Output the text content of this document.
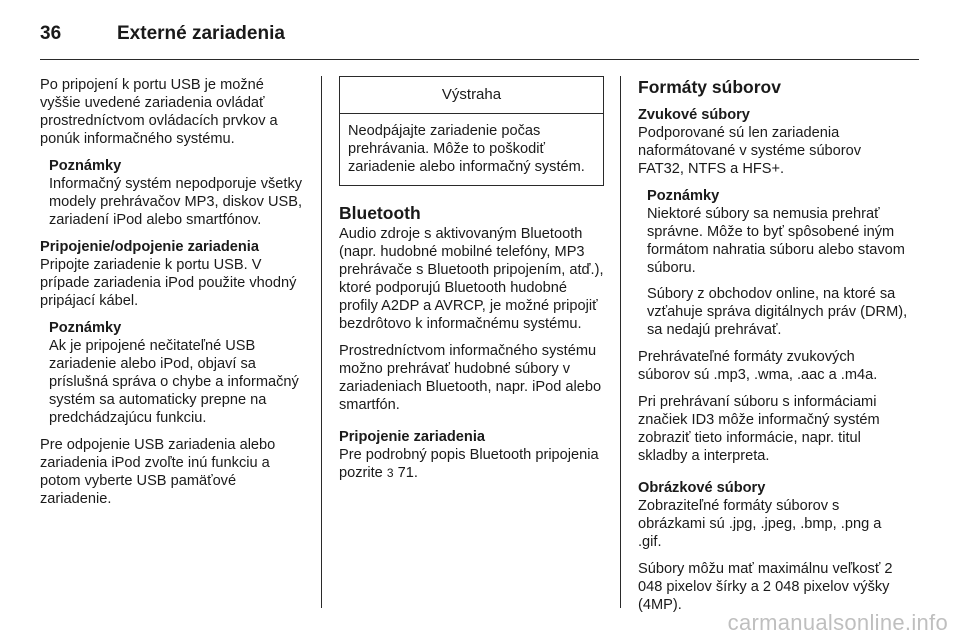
36	Externé zariadenia

Po pripojení k portu USB je možné vyššie uvedené zariadenia ovládať prostredníctvom ovládacích prvkov a ponúk informačného systému.

Poznámky
Informačný systém nepodporuje všetky modely prehrávačov MP3, diskov USB, zariadení iPod alebo smartfónov.
Pripojenie/odpojenie zariadenia

Pripojte zariadenie k portu USB. V prípade zariadenia iPod použite vhodný pripájací kábel.

Poznámky
Ak je pripojené nečitateľné USB zariadenie alebo iPod, objaví sa príslušná správa o chybe a informačný systém sa automaticky prepne na predchádzajúcu funkciu.

Pre odpojenie USB zariadenia alebo zariadenia iPod zvoľte inú funkciu a potom vyberte USB pamäťové zariadenie.

Výstraha
Neodpájajte zariadenie počas prehrávania. Môže to poškodiť zariadenie alebo informačný systém.
Bluetooth

Audio zdroje s aktivovaným Bluetooth (napr. hudobné mobilné telefóny, MP3 prehrávače s Bluetooth pripojením, atď.), ktoré podporujú Bluetooth hudobné profily A2DP a AVRCP, je možné pripojiť bezdrôtovo k informačnému systému.

Prostredníctvom informačného systému možno prehrávať hudobné súbory v zariadeniach Bluetooth, napr. iPod alebo smartfón.

Pripojenie zariadenia

Pre podrobný popis Bluetooth pripojenia pozrite 3 71.

Formáty súborov
Zvukové súbory

Podporované sú len zariadenia naformátované v systéme súborov FAT32, NTFS a HFS+.

Poznámky

Niektoré súbory sa nemusia prehrať správne. Môže to byť spôsobené iným formátom nahratia súboru alebo stavom súboru.

Súbory z obchodov online, na ktoré sa vzťahuje správa digitálnych práv (DRM), sa nedajú prehrávať.

Prehrávateľné formáty zvukových súborov sú .mp3, .wma, .aac a .m4a.

Pri prehrávaní súboru s informáciami značiek ID3 môže informačný systém zobraziť tieto informácie, napr. titul skladby a interpreta.

Obrázkové súbory

Zobraziteľné formáty súborov s obrázkami sú .jpg, .jpeg, .bmp, .png a .gif.

Súbory môžu mať maximálnu veľkosť 2 048 pixelov šírky a 2 048 pixelov výšky (4MP).

carmanualsonline.info
